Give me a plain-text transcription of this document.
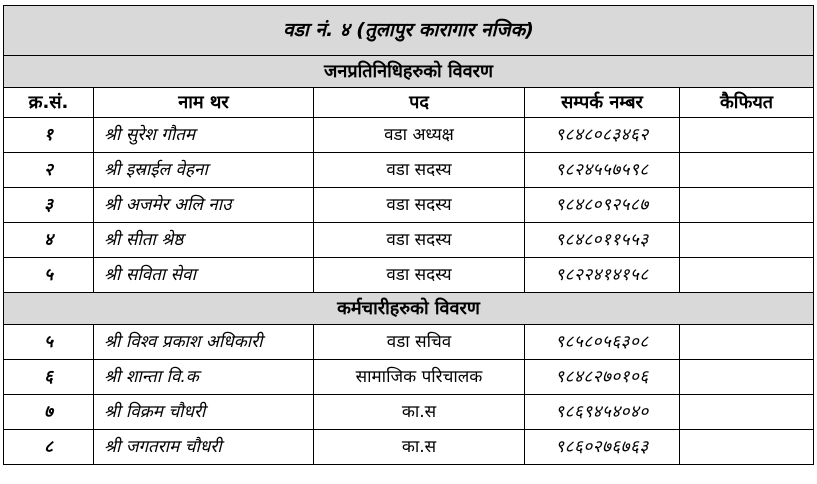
वडा नं. ४ (तुलापुर कारागार नजिक)				
जनप्रतिनिधिहरुको विवरण				
क्र.सं.	नाम थर	पद	सम्पर्क नम्बर	कैफियत
१	श्री सुरेश गौतम	वडा अध्यक्ष	९८४८०८३४६२	
२	श्री इस्राईल वेहना	वडा सदस्य	९८२४५५७५९८	
३	श्री अजमेर अलि नाउ	वडा सदस्य	९८४८०९२५८७	
४	श्री सीता श्रेष्ठ	वडा सदस्य	९८४८०११५५३	
५	श्री सविता सेवा	वडा सदस्य	९८२२४१४१५८	
कर्मचारीहरुको विवरण				
५	श्री विश्व प्रकाश अधिकारी	वडा सचिव	९८५८०५६३०८	
६	श्री शान्ता वि.क	सामाजिक परिचालक	९८४८२७०१०६	
७	श्री विक्रम चौधरी	का.स	९८६९४५४०४०	
८	श्री जगतराम चौधरी	का.स	९८६०२७६७६३	
